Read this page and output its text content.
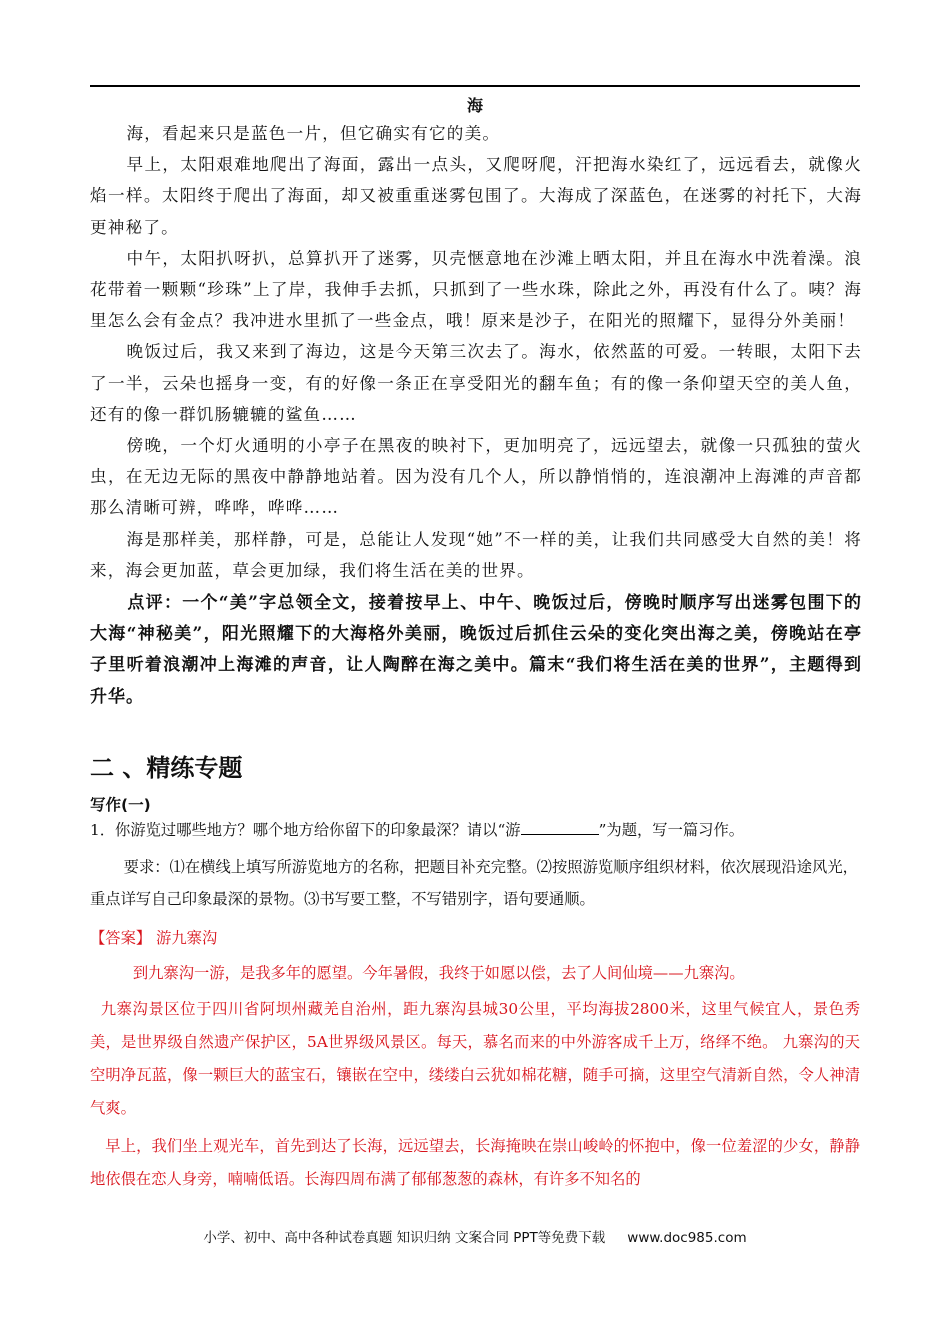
海

海，看起来只是蓝色一片，但它确实有它的美。

早上，太阳艰难地爬出了海面，露出一点头，又爬呀爬，汗把海水染红了，远远看去，就像火焰一样。太阳终于爬出了海面，却又被重重迷雾包围了。大海成了深蓝色，在迷雾的衬托下，大海更神秘了。

中午，太阳扒呀扒，总算扒开了迷雾，贝壳惬意地在沙滩上晒太阳，并且在海水中洗着澡。浪花带着一颗颗“珍珠”上了岸，我伸手去抓，只抓到了一些水珠，除此之外，再没有什么了。咦？海里怎么会有金点？我冲进水里抓了一些金点，哦！原来是沙子，在阳光的照耀下，显得分外美丽！

晚饭过后，我又来到了海边，这是今天第三次去了。海水，依然蓝的可爱。一转眼，太阳下去了一半，云朵也摇身一变，有的好像一条正在享受阳光的翻车鱼；有的像一条仰望天空的美人鱼，还有的像一群饥肠辘辘的鲨鱼……

傍晚，一个灯火通明的小亭子在黑夜的映衬下，更加明亮了，远远望去，就像一只孤独的萤火虫，在无边无际的黑夜中静静地站着。因为没有几个人，所以静悄悄的，连浪潮冲上海滩的声音都那么清晰可辨，哗哗，哗哗……

海是那样美，那样静，可是，总能让人发现“她”不一样的美，让我们共同感受大自然的美！将来，海会更加蓝，草会更加绿，我们将生活在美的世界。

点评：一个“美”字总领全文，接着按早上、中午、晚饭过后，傍晚时顺序写出迷雾包围下的大海“神秘美”，阳光照耀下的大海格外美丽，晚饭过后抓住云朵的变化突出海之美，傍晚站在亭子里听着浪潮冲上海滩的声音，让人陶醉在海之美中。篇末“我们将生活在美的世界”，主题得到升华。

二 、精练专题
写作(一)

1．你游览过哪些地方？哪个地方给你留下的印象最深？请以“游	”为题，写一篇习作。

要求：⑴在横线上填写所游览地方的名称，把题目补充完整。⑵按照游览顺序组织材料，依次展现沿途风光，重点详写自己印象最深的景物。⑶书写要工整，不写错别字，语句要通顺。

【答案】 游九寨沟

到九寨沟一游，是我多年的愿望。今年暑假，我终于如愿以偿，去了人间仙境——九寨沟。

九寨沟景区位于四川省阿坝州藏羌自治州，距九寨沟县城30公里，平均海拔2800米，这里气候宜人，景色秀美，是世界级自然遗产保护区，5A世界级风景区。每天，慕名而来的中外游客成千上万，络绎不绝。 九寨沟的天空明净瓦蓝，像一颗巨大的蓝宝石，镶嵌在空中，缕缕白云犹如棉花糖，随手可摘，这里空气清新自然，令人神清气爽。

早上，我们坐上观光车，首先到达了长海，远远望去，长海掩映在崇山峻岭的怀抱中，像一位羞涩的少女，静静地依偎在恋人身旁，喃喃低语。长海四周布满了郁郁葱葱的森林，有许多不知名的

小学、初中、高中各种试卷真题 知识归纳 文案合同 PPT等免费下载 www.doc985.com
